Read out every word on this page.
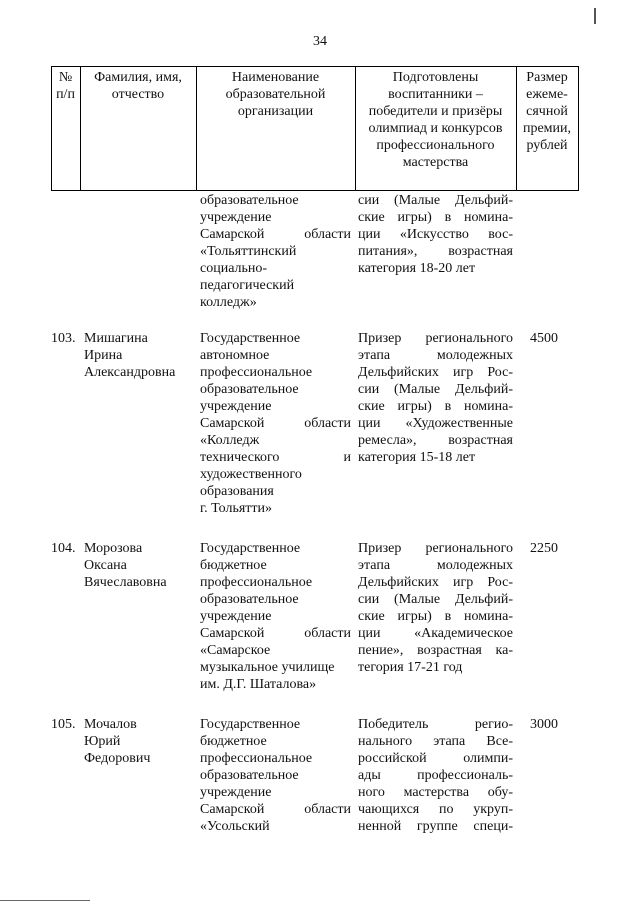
34
№
п/п
Фамилия, имя,
отчество
Наименование
образовательной
организации
Подготовлены
воспитанники –
победители и призёры
олимпиад и конкурсов
профессионального
мастерства
Размер
ежеме-
сячной
премии,
рублей
образовательное
учреждение
Самарской области
«Тольяттинский
социально-
педагогический
колледж»
сии (Малые Дельфий-
ские игры) в номина-
ции «Искусство вос-
питания», возрастная
категория 18-20 лет
103. Мишагина
Ирина
Александровна
Государственное
автономное
профессиональное
образовательное
учреждение
Самарской области
«Колледж
технического и
художественного
образования
г. Тольятти»
Призер регионального
этапа молодежных
Дельфийских игр Рос-
сии (Малые Дельфий-
ские игры) в номина-
ции «Художественные
ремесла», возрастная
категория 15-18 лет
4500
104. Морозова
Оксана
Вячеславовна
Государственное
бюджетное
профессиональное
образовательное
учреждение
Самарской области
«Самарское
музыкальное училище
им. Д.Г. Шаталова»
Призер регионального
этапа молодежных
Дельфийских игр Рос-
сии (Малые Дельфий-
ские игры) в номина-
ции «Академическое
пение», возрастная ка-
тегория 17-21 год
2250
105. Мочалов
Юрий
Федорович
Государственное
бюджетное
профессиональное
образовательное
учреждение
Самарской области
«Усольский
Победитель регио-
нального этапа Все-
российской олимпи-
ады профессиональ-
ного мастерства обу-
чающихся по укруп-
ненной группе специ-
3000
